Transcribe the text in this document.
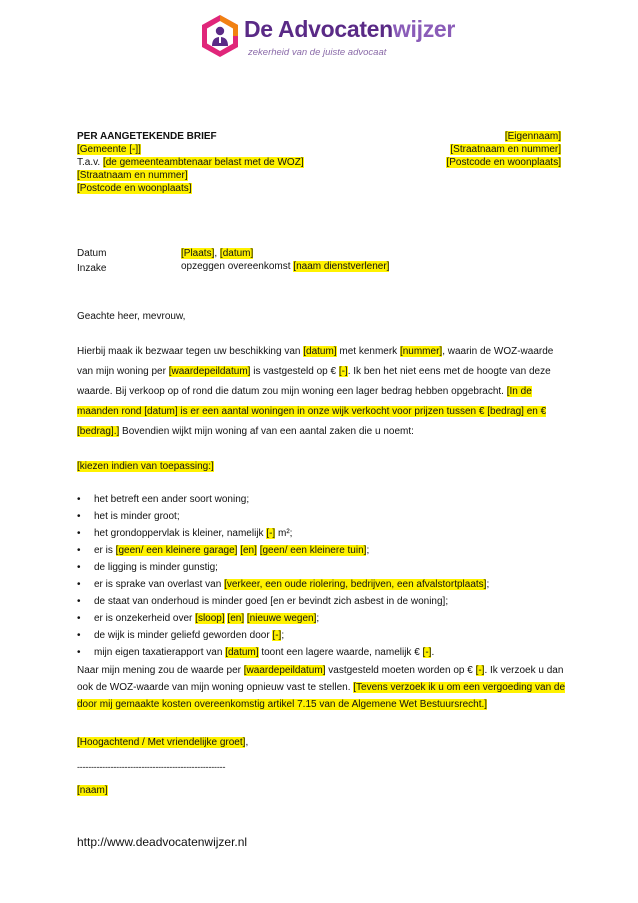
De Advocatenwijzer
zekerheid van de juiste advocaat
PER AANGETEKENDE BRIEF
[Gemeente [-]]
T.a.v. [de gemeenteambtenaar belast met de WOZ]
[Straatnaam en nummer]
[Postcode en woonplaats]
[Eigennaam]
[Straatnaam en nummer]
[Postcode en woonplaats]
Datum	[Plaats], [datum]
Inzake	opzeggen overeenkomst [naam dienstverlener]
Geachte heer, mevrouw,
Hierbij maak ik bezwaar tegen uw beschikking van [datum] met kenmerk [nummer], waarin de WOZ-waarde
van mijn woning per [waardepeildatum] is vastgesteld op € [-]. Ik ben het niet eens met de hoogte van deze
waarde. Bij verkoop op of rond die datum zou mijn woning een lager bedrag hebben opgebracht. [In de
maanden rond [datum] is er een aantal woningen in onze wijk verkocht voor prijzen tussen € [bedrag] en €
[bedrag].] Bovendien wijkt mijn woning af van een aantal zaken die u noemt:
[kiezen indien van toepassing:]
• het betreft een ander soort woning;
• het is minder groot;
• het grondoppervlak is kleiner, namelijk [-] m²;
• er is [geen/ een kleinere garage] [en] [geen/ een kleinere tuin];
• de ligging is minder gunstig;
• er is sprake van overlast van [verkeer, een oude riolering, bedrijven, een afvalstortplaats];
• de staat van onderhoud is minder goed [en er bevindt zich asbest in de woning];
• er is onzekerheid over [sloop] [en] [nieuwe wegen];
• de wijk is minder geliefd geworden door [-];
• mijn eigen taxatierapport van [datum] toont een lagere waarde, namelijk € [-].
Naar mijn mening zou de waarde per [waardepeildatum] vastgesteld moeten worden op € [-]. Ik verzoek u dan
ook de WOZ-waarde van mijn woning opnieuw vast te stellen. [Tevens verzoek ik u om een vergoeding van de
door mij gemaakte kosten overeenkomstig artikel 7.15 van de Algemene Wet Bestuursrecht.]
[Hoogachtend / Met vriendelijke groet],
-----------------------------------------------------
[naam]
http://www.deadvocatenwijzer.nl
